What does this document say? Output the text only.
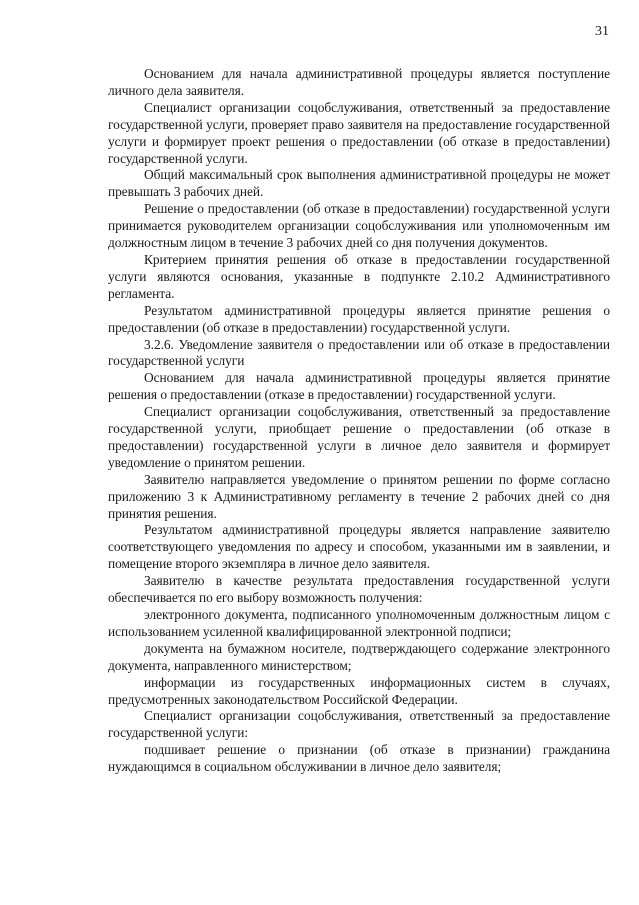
31

Основанием для начала административной процедуры является поступление личного дела заявителя.

Специалист организации соцобслуживания, ответственный за предоставление государственной услуги, проверяет право заявителя на предоставление государственной услуги и формирует проект решения о предоставлении (об отказе в предоставлении) государственной услуги.

Общий максимальный срок выполнения административной процедуры не может превышать 3 рабочих дней.

Решение о предоставлении (об отказе в предоставлении) государственной услуги принимается руководителем организации соцобслуживания или уполномоченным им должностным лицом в течение 3 рабочих дней со дня получения документов.

Критерием принятия решения об отказе в предоставлении государственной услуги являются основания, указанные в подпункте 2.10.2 Административного регламента.

Результатом административной процедуры является принятие решения о предоставлении (об отказе в предоставлении) государственной услуги.

3.2.6. Уведомление заявителя о предоставлении или об отказе в предоставлении государственной услуги

Основанием для начала административной процедуры является принятие решения о предоставлении (отказе в предоставлении) государственной услуги.

Специалист организации соцобслуживания, ответственный за предоставление государственной услуги, приобщает решение о предоставлении (об отказе в предоставлении) государственной услуги в личное дело заявителя и формирует уведомление о принятом решении.

Заявителю направляется уведомление о принятом решении по форме согласно приложению 3 к Административному регламенту в течение 2 рабочих дней со дня принятия решения.

Результатом административной процедуры является направление заявителю соответствующего уведомления по адресу и способом, указанными им в заявлении, и помещение второго экземпляра в личное дело заявителя.

Заявителю в качестве результата предоставления государственной услуги обеспечивается по его выбору возможность получения:

электронного документа, подписанного уполномоченным должностным лицом с использованием усиленной квалифицированной электронной подписи;

документа на бумажном носителе, подтверждающего содержание электронного документа, направленного министерством;

информации из государственных информационных систем в случаях, предусмотренных законодательством Российской Федерации.

Специалист организации соцобслуживания, ответственный за предоставление государственной услуги:

подшивает решение о признании (об отказе в признании) гражданина нуждающимся в социальном обслуживании в личное дело заявителя;
